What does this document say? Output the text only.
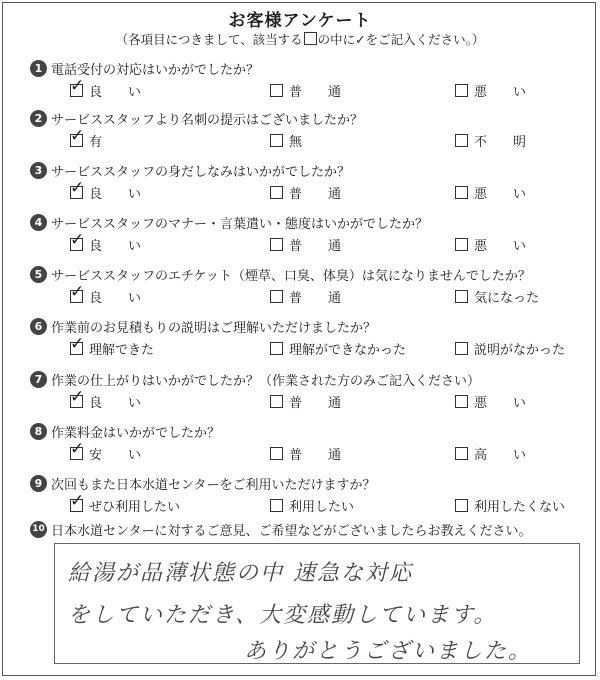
お客様アンケート
（各項目につきまして、該当する の中に✓をご記入ください。）
1 電話受付の対応はいかがでしたか？
✓ 良　　い	普　　通	悪　　い
2 サービススタッフより名刺の提示はございましたか？
✓ 有	無	不　　明
3 サービススタッフの身だしなみはいかがでしたか？
✓ 良　　い	普　　通	悪　　い
4 サービススタッフのマナー・言葉遣い・態度はいかがでしたか？
✓ 良　　い	普　　通	悪　　い
5 サービススタッフのエチケット（煙草、口臭、体臭）は気になりませんでしたか？
✓ 良　　い	普　　通	気になった
6 作業前のお見積もりの説明はご理解いただけましたか？
✓ 理解できた	理解ができなかった	説明がなかった
7 作業の仕上がりはいかがでしたか？（作業された方のみご記入ください）
✓ 良　　い	普　　通	悪　　い
8 作業料金はいかがでしたか？
✓ 安　　い	普　　通	高　　い
9 次回もまた日本水道センターをご利用いただけますか？
✓ ぜひ利用したい	利用したい	利用したくない
10 日本水道センターに対するご意見、ご希望などがございましたらお教えください。
給湯が品薄状態の中 速急な対応
をしていただき、大変感動しています。
ありがとうございました。
